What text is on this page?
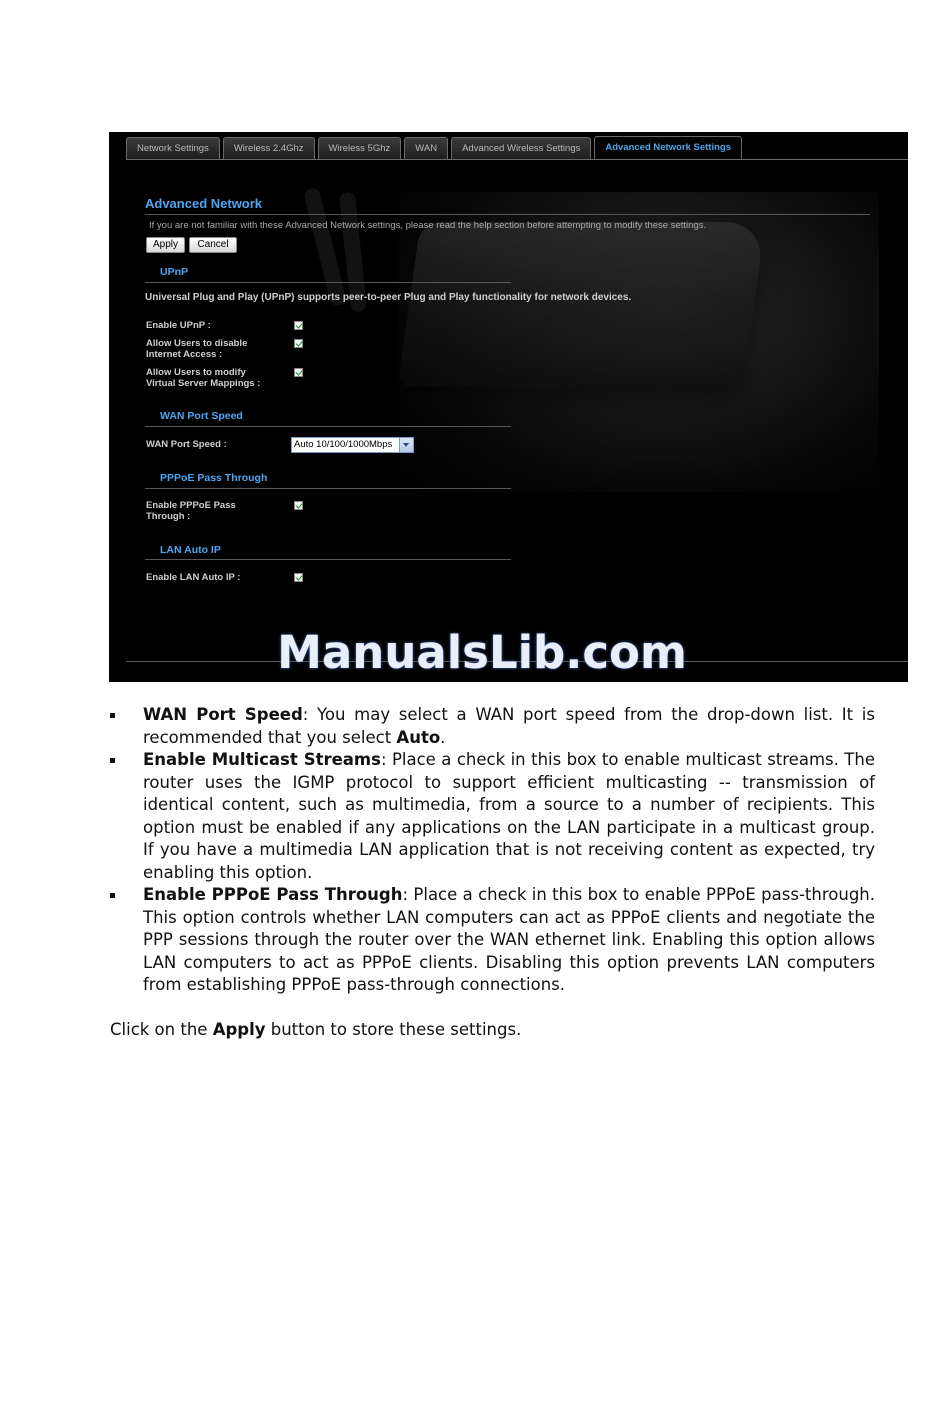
Network Settings	Wireless 2.4Ghz	Wireless 5Ghz	WAN	Advanced Wireless Settings	Advanced Network Settings
Advanced Network
If you are not familiar with these Advanced Network settings, please read the help section before attempting to modify these settings.
Apply	Cancel
UPnP
Universal Plug and Play (UPnP) supports peer-to-peer Plug and Play functionality for network devices.
Enable UPnP :
Allow Users to disable
Internet Access :
Allow Users to modify
Virtual Server Mappings :
WAN Port Speed
WAN Port Speed :	Auto 10/100/1000Mbps
PPPoE Pass Through
Enable PPPoE Pass
Through :
LAN Auto IP
Enable LAN Auto IP :
ManualsLib.com
WAN Port Speed: You may select a WAN port speed from the drop-down list. It is recommended that you select Auto.
Enable Multicast Streams: Place a check in this box to enable multicast streams. The router uses the IGMP protocol to support efficient multicasting -- transmission of identical content, such as multimedia, from a source to a number of recipients. This option must be enabled if any applications on the LAN participate in a multicast group. If you have a multimedia LAN application that is not receiving content as expected, try enabling this option.
Enable PPPoE Pass Through: Place a check in this box to enable PPPoE pass-through. This option controls whether LAN computers can act as PPPoE clients and negotiate the PPP sessions through the router over the WAN ethernet link. Enabling this option allows LAN computers to act as PPPoE clients. Disabling this option prevents LAN computers from establishing PPPoE pass-through connections.
Click on the Apply button to store these settings.
